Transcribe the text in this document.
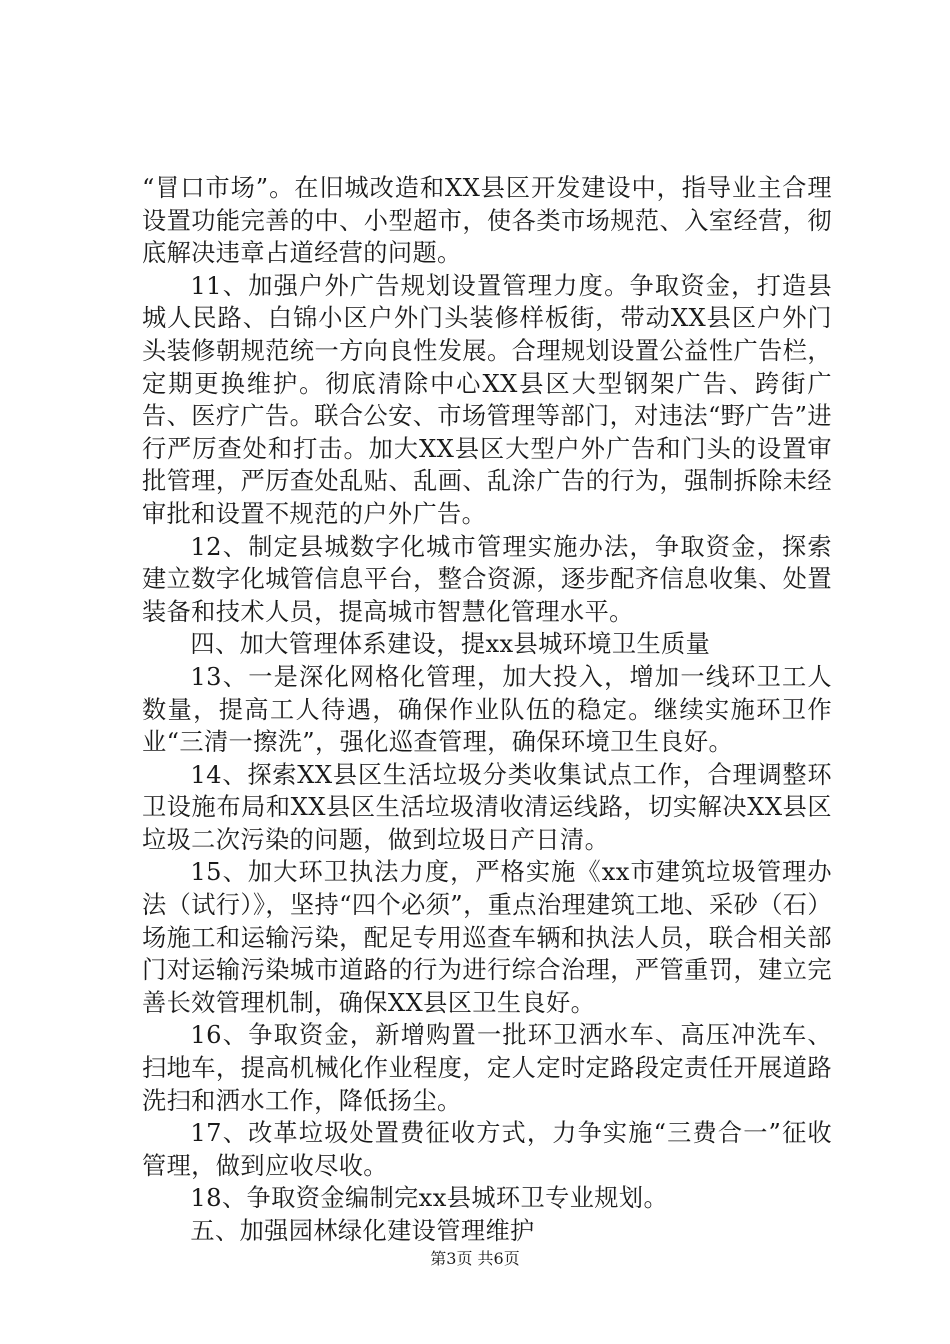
“冒口市场”。在旧城改造和XX县区开发建设中，指导业主合理设置功能完善的中、小型超市，使各类市场规范、入室经营，彻底解决违章占道经营的问题。

11、加强户外广告规划设置管理力度。争取资金，打造县城人民路、白锦小区户外门头装修样板街，带动XX县区户外门头装修朝规范统一方向良性发展。合理规划设置公益性广告栏，定期更换维护。彻底清除中心XX县区大型钢架广告、跨街广告、医疗广告。联合公安、市场管理等部门，对违法“野广告”进行严厉查处和打击。加大XX县区大型户外广告和门头的设置审批管理，严厉查处乱贴、乱画、乱涂广告的行为，强制拆除未经审批和设置不规范的户外广告。

12、制定县城数字化城市管理实施办法，争取资金，探索建立数字化城管信息平台，整合资源，逐步配齐信息收集、处置装备和技术人员，提高城市智慧化管理水平。

四、加大管理体系建设，提xx县城环境卫生质量

13、一是深化网格化管理，加大投入，增加一线环卫工人数量，提高工人待遇，确保作业队伍的稳定。继续实施环卫作业“三清一擦洗”，强化巡查管理，确保环境卫生良好。

14、探索XX县区生活垃圾分类收集试点工作，合理调整环卫设施布局和XX县区生活垃圾清收清运线路，切实解决XX县区垃圾二次污染的问题，做到垃圾日产日清。

15、加大环卫执法力度，严格实施《xx市建筑垃圾管理办法（试行）》，坚持“四个必须”，重点治理建筑工地、采砂（石）场施工和运输污染，配足专用巡查车辆和执法人员，联合相关部门对运输污染城市道路的行为进行综合治理，严管重罚，建立完善长效管理机制，确保XX县区卫生良好。

16、争取资金，新增购置一批环卫洒水车、高压冲洗车、扫地车，提高机械化作业程度，定人定时定路段定责任开展道路洗扫和洒水工作，降低扬尘。

17、改革垃圾处置费征收方式，力争实施“三费合一”征收管理，做到应收尽收。

18、争取资金编制完xx县城环卫专业规划。

五、加强园林绿化建设管理维护

第3页 共6页
